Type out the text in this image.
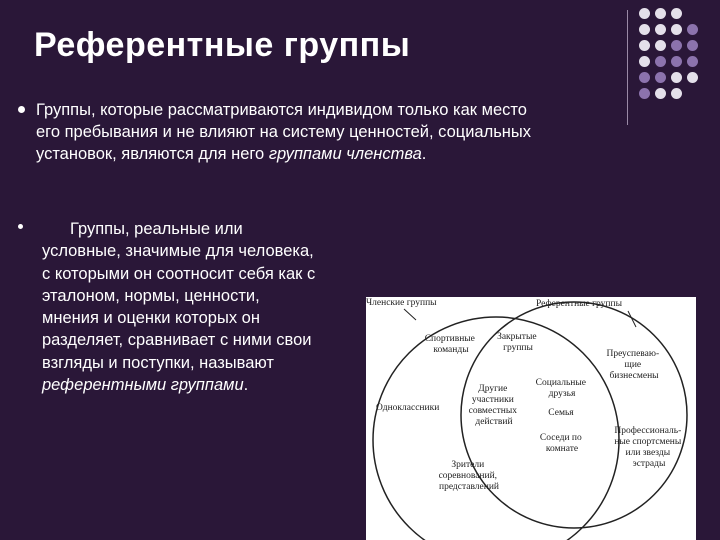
Референтные группы

Группы, которые рассматриваются индивидом только как место
его пребывания и не влияют на систему ценностей, социальных
установок, являются для него группами членства.

Группы, реальные или
условные, значимые для человека,
с которыми он соотносит себя как с
эталоном, нормы, ценности,
мнения и оценки которых он
разделяет, сравнивает с ними свои
взгляды и поступки, называют
референтными группами.

Членские группы	Референтные группы
Спортивные команды
Закрытые группы
Преуспеваю- щие бизнесмены
Другие участники совместных действий
Социальные друзья
Одноклассники	Семья
Соседи по комнате
Профессиональ- ные спортсмены или звезды эстрады
Зрители соревнований, представлений
